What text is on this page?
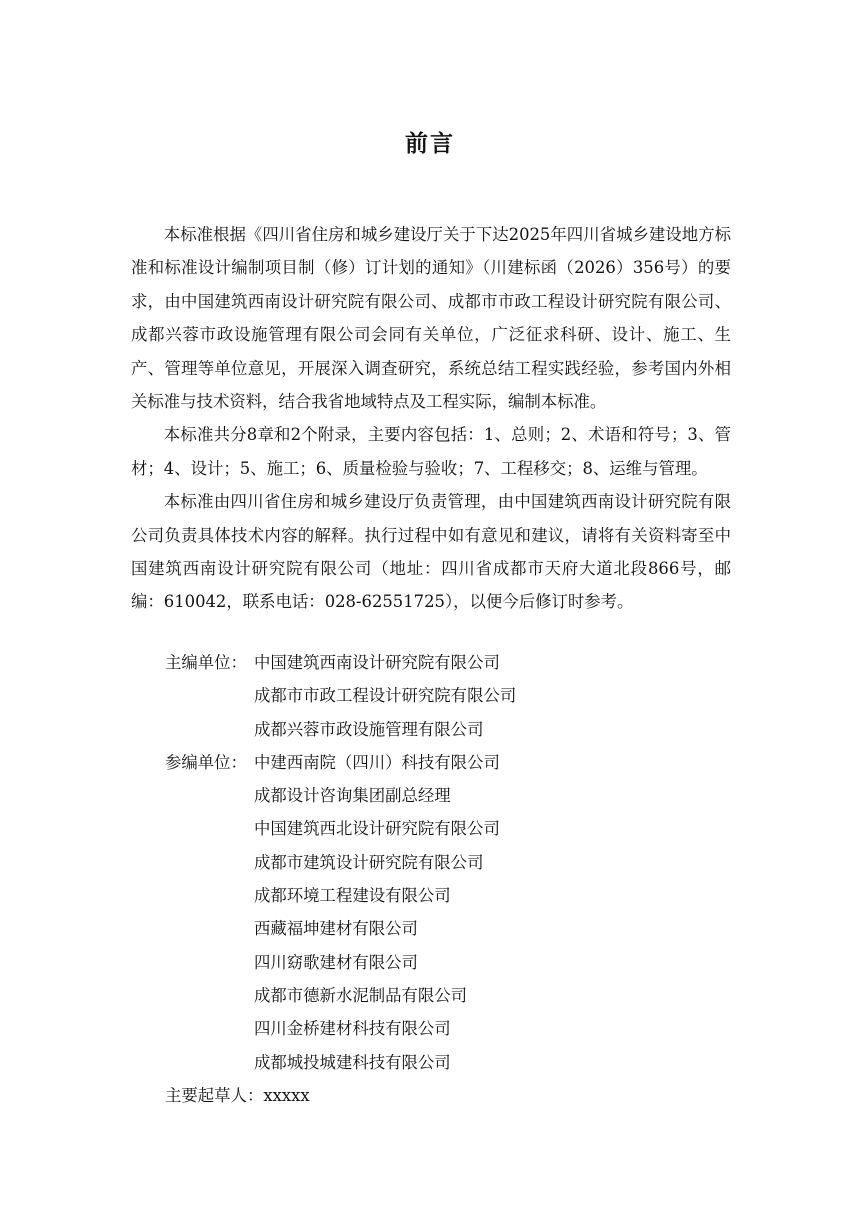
前言

本标准根据《四川省住房和城乡建设厅关于下达2025年四川省城乡建设地方标准和标准设计编制项目制（修）订计划的通知》（川建标函（2026）356号）的要求，由中国建筑西南设计研究院有限公司、成都市市政工程设计研究院有限公司、成都兴蓉市政设施管理有限公司会同有关单位，广泛征求科研、设计、施工、生产、管理等单位意见，开展深入调查研究，系统总结工程实践经验，参考国内外相关标准与技术资料，结合我省地域特点及工程实际，编制本标准。

本标准共分8章和2个附录，主要内容包括：1、总则；2、术语和符号；3、管材；4、设计；5、施工；6、质量检验与验收；7、工程移交；8、运维与管理。

本标准由四川省住房和城乡建设厅负责管理，由中国建筑西南设计研究院有限公司负责具体技术内容的解释。执行过程中如有意见和建议，请将有关资料寄至中国建筑西南设计研究院有限公司（地址：四川省成都市天府大道北段866号，邮编：610042，联系电话：028-62551725），以便今后修订时参考。

主编单位： 中国建筑西南设计研究院有限公司
成都市市政工程设计研究院有限公司
成都兴蓉市政设施管理有限公司
参编单位： 中建西南院（四川）科技有限公司
成都设计咨询集团副总经理
中国建筑西北设计研究院有限公司
成都市建筑设计研究院有限公司
成都环境工程建设有限公司
西藏福坤建材有限公司
四川窈歌建材有限公司
成都市德新水泥制品有限公司
四川金桥建材科技有限公司
成都城投城建科技有限公司
主要起草人： xxxxx
